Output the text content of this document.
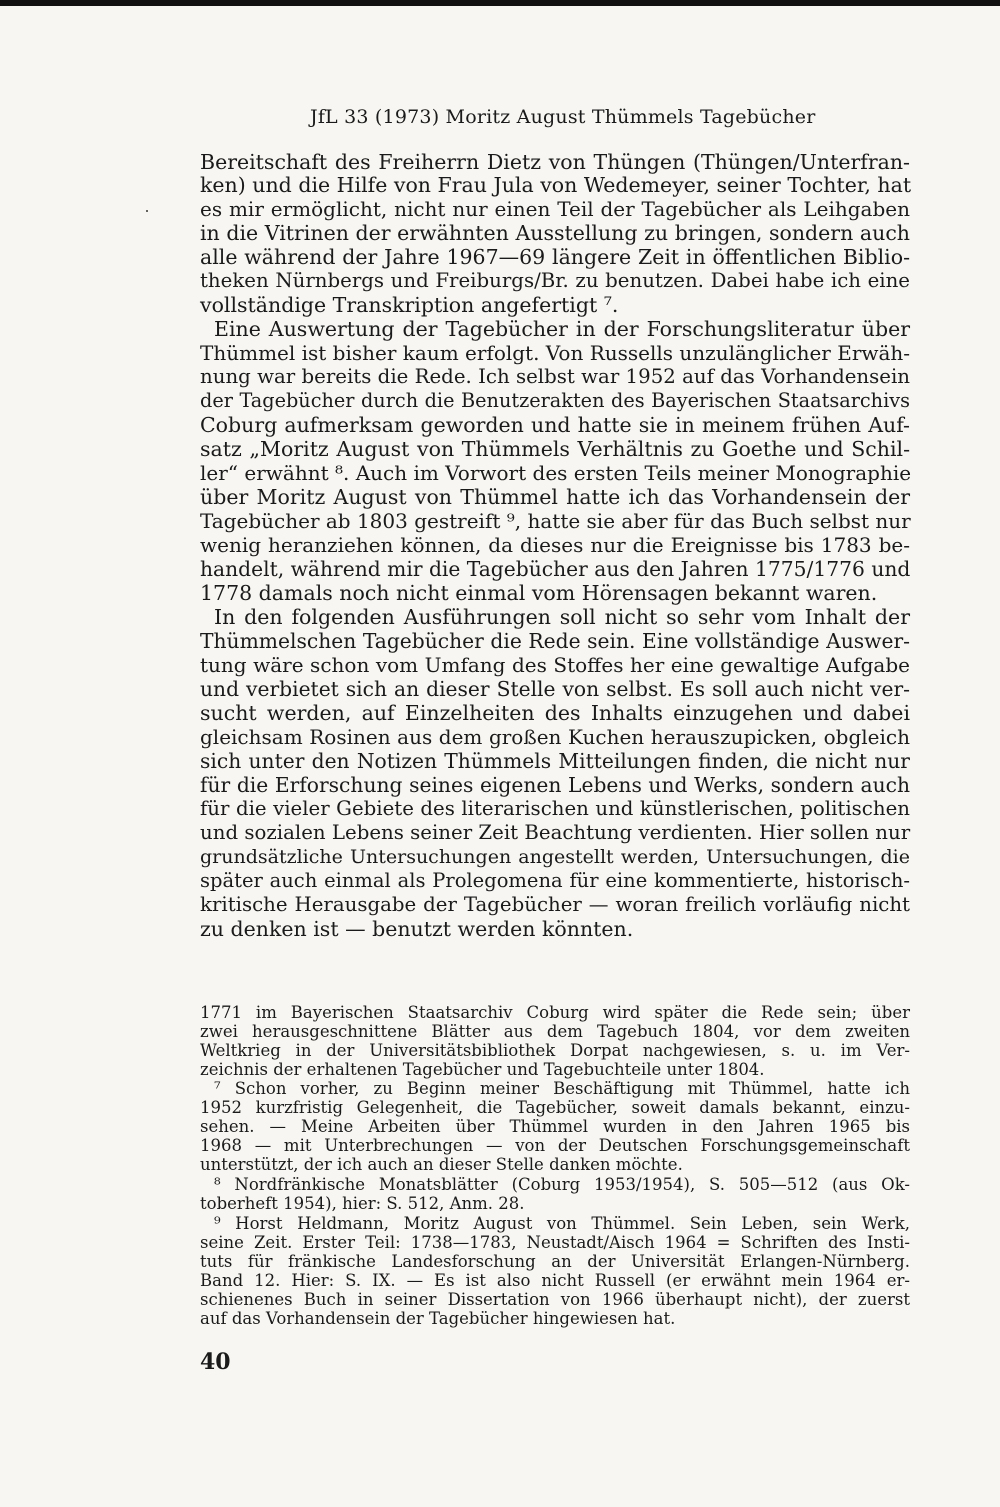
JfL 33 (1973) Moritz August Thümmels Tagebücher
Bereitschaft des Freiherrn Dietz von Thüngen (Thüngen/Unterfran-
ken) und die Hilfe von Frau Jula von Wedemeyer, seiner Tochter, hat
es mir ermöglicht, nicht nur einen Teil der Tagebücher als Leihgaben
in die Vitrinen der erwähnten Ausstellung zu bringen, sondern auch
alle während der Jahre 1967—69 längere Zeit in öffentlichen Biblio-
theken Nürnbergs und Freiburgs/Br. zu benutzen. Dabei habe ich eine
vollständige Transkription angefertigt ⁷.
Eine Auswertung der Tagebücher in der Forschungsliteratur über
Thümmel ist bisher kaum erfolgt. Von Russells unzulänglicher Erwäh-
nung war bereits die Rede. Ich selbst war 1952 auf das Vorhandensein
der Tagebücher durch die Benutzerakten des Bayerischen Staatsarchivs
Coburg aufmerksam geworden und hatte sie in meinem frühen Auf-
satz „Moritz August von Thümmels Verhältnis zu Goethe und Schil-
ler“ erwähnt ⁸. Auch im Vorwort des ersten Teils meiner Monographie
über Moritz August von Thümmel hatte ich das Vorhandensein der
Tagebücher ab 1803 gestreift ⁹, hatte sie aber für das Buch selbst nur
wenig heranziehen können, da dieses nur die Ereignisse bis 1783 be-
handelt, während mir die Tagebücher aus den Jahren 1775/1776 und
1778 damals noch nicht einmal vom Hörensagen bekannt waren.
In den folgenden Ausführungen soll nicht so sehr vom Inhalt der
Thümmelschen Tagebücher die Rede sein. Eine vollständige Auswer-
tung wäre schon vom Umfang des Stoffes her eine gewaltige Aufgabe
und verbietet sich an dieser Stelle von selbst. Es soll auch nicht ver-
sucht werden, auf Einzelheiten des Inhalts einzugehen und dabei
gleichsam Rosinen aus dem großen Kuchen herauszupicken, obgleich
sich unter den Notizen Thümmels Mitteilungen finden, die nicht nur
für die Erforschung seines eigenen Lebens und Werks, sondern auch
für die vieler Gebiete des literarischen und künstlerischen, politischen
und sozialen Lebens seiner Zeit Beachtung verdienten. Hier sollen nur
grundsätzliche Untersuchungen angestellt werden, Untersuchungen, die
später auch einmal als Prolegomena für eine kommentierte, historisch-
kritische Herausgabe der Tagebücher — woran freilich vorläufig nicht
zu denken ist — benutzt werden könnten.
1771 im Bayerischen Staatsarchiv Coburg wird später die Rede sein; über
zwei herausgeschnittene Blätter aus dem Tagebuch 1804, vor dem zweiten
Weltkrieg in der Universitätsbibliothek Dorpat nachgewiesen, s. u. im Ver-
zeichnis der erhaltenen Tagebücher und Tagebuchteile unter 1804.
⁷ Schon vorher, zu Beginn meiner Beschäftigung mit Thümmel, hatte ich
1952 kurzfristig Gelegenheit, die Tagebücher, soweit damals bekannt, einzu-
sehen. — Meine Arbeiten über Thümmel wurden in den Jahren 1965 bis
1968 — mit Unterbrechungen — von der Deutschen Forschungsgemeinschaft
unterstützt, der ich auch an dieser Stelle danken möchte.
⁸ Nordfränkische Monatsblätter (Coburg 1953/1954), S. 505—512 (aus Ok-
toberheft 1954), hier: S. 512, Anm. 28.
⁹ Horst Heldmann, Moritz August von Thümmel. Sein Leben, sein Werk,
seine Zeit. Erster Teil: 1738—1783, Neustadt/Aisch 1964 = Schriften des Insti-
tuts für fränkische Landesforschung an der Universität Erlangen-Nürnberg.
Band 12. Hier: S. IX. — Es ist also nicht Russell (er erwähnt mein 1964 er-
schienenes Buch in seiner Dissertation von 1966 überhaupt nicht), der zuerst
auf das Vorhandensein der Tagebücher hingewiesen hat.
40
